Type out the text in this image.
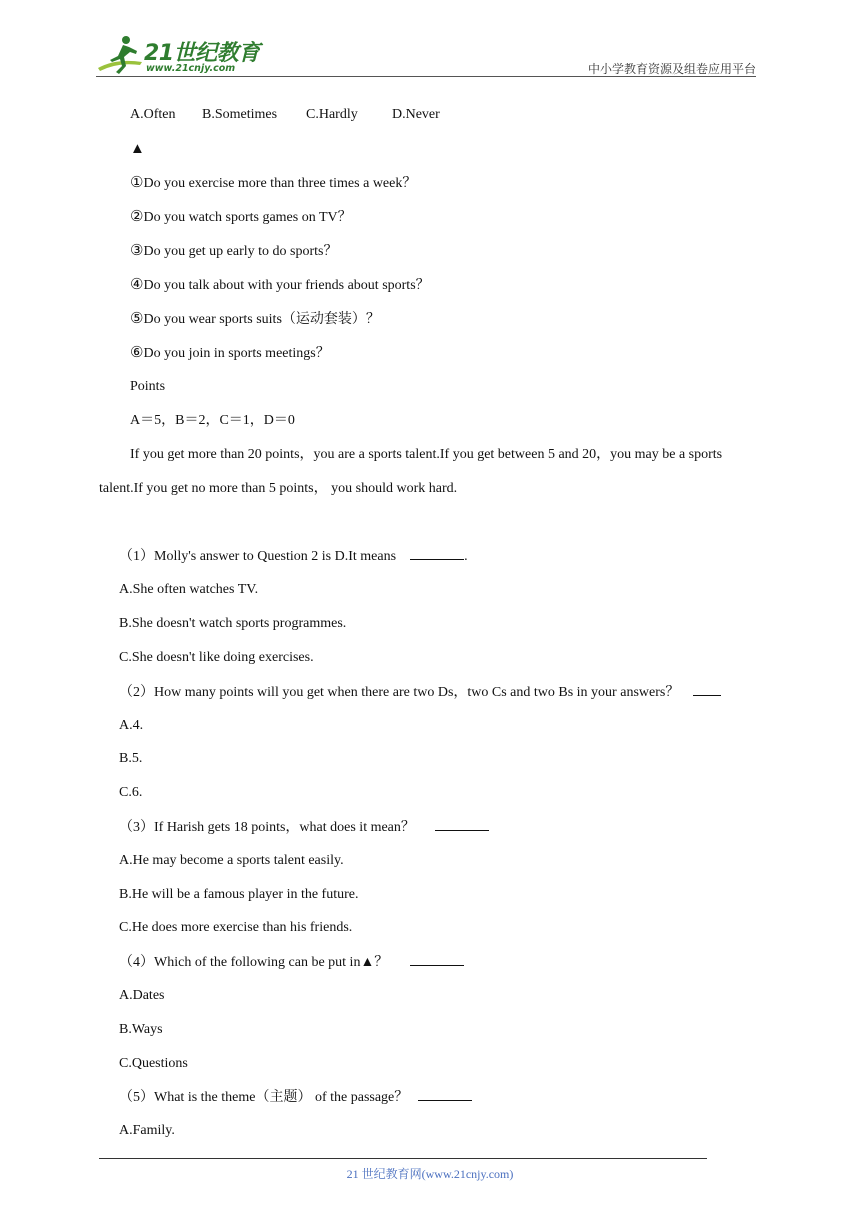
21世纪教育
www.21cnjy.com	中小学教育资源及组卷应用平台
A.Often B.Sometimes C.Hardly D.Never
▲
①Do you exercise more than three times a week？
②Do you watch sports games on TV？
③Do you get up early to do sports？
④Do you talk about with your friends about sports？
⑤Do you wear sports suits（运动套装）？
⑥Do you join in sports meetings？
Points
A＝5，B＝2，C＝1，D＝0
If you get more than 20 points，you are a sports talent.If you get between 5 and 20，you may be a sports
talent.If you get no more than 5 points， you should work hard.
（1）Molly's answer to Question 2 is D.It means	.
A.She often watches TV.
B.She doesn't watch sports programmes.
C.She doesn't like doing exercises.
（2）How many points will you get when there are two Ds，two Cs and two Bs in your answers？
A.4.
B.5.
C.6.
（3）If Harish gets 18 points，what does it mean？
A.He may become a sports talent easily.
B.He will be a famous player in the future.
C.He does more exercise than his friends.
（4）Which of the following can be put in▲？
A.Dates
B.Ways
C.Questions
（5）What is the theme（主题） of the passage？
A.Family.
21 世纪教育网(www.21cnjy.com)
